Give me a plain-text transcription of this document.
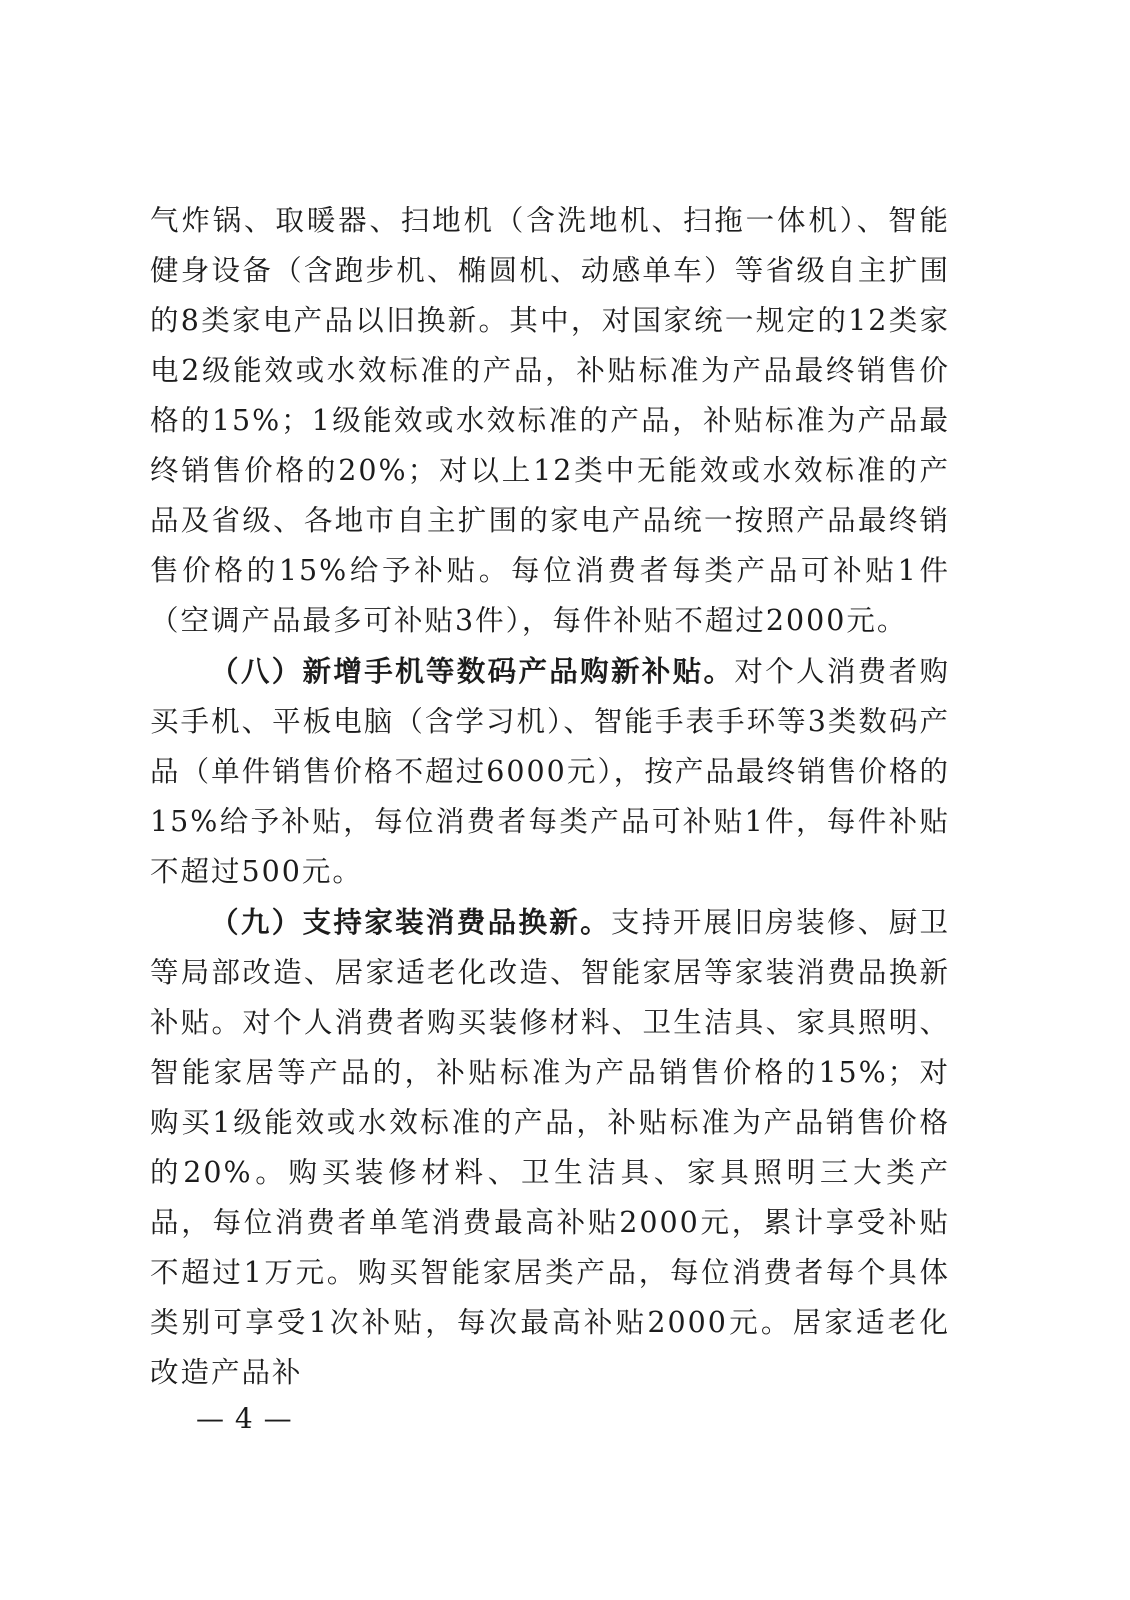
气炸锅、取暖器、扫地机（含洗地机、扫拖一体机）、智能健身设备（含跑步机、椭圆机、动感单车）等省级自主扩围的8类家电产品以旧换新。其中，对国家统一规定的12类家电2级能效或水效标准的产品，补贴标准为产品最终销售价格的15%；1级能效或水效标准的产品，补贴标准为产品最终销售价格的20%；对以上12类中无能效或水效标准的产品及省级、各地市自主扩围的家电产品统一按照产品最终销售价格的15%给予补贴。每位消费者每类产品可补贴1件（空调产品最多可补贴3件），每件补贴不超过2000元。

（八）新增手机等数码产品购新补贴。对个人消费者购买手机、平板电脑（含学习机）、智能手表手环等3类数码产品（单件销售价格不超过6000元），按产品最终销售价格的15%给予补贴，每位消费者每类产品可补贴1件，每件补贴不超过500元。

（九）支持家装消费品换新。支持开展旧房装修、厨卫等局部改造、居家适老化改造、智能家居等家装消费品换新补贴。对个人消费者购买装修材料、卫生洁具、家具照明、智能家居等产品的，补贴标准为产品销售价格的15%；对购买1级能效或水效标准的产品，补贴标准为产品销售价格的20%。购买装修材料、卫生洁具、家具照明三大类产品，每位消费者单笔消费最高补贴2000元，累计享受补贴不超过1万元。购买智能家居类产品，每位消费者每个具体类别可享受1次补贴，每次最高补贴2000元。居家适老化改造产品补

— 4 —
